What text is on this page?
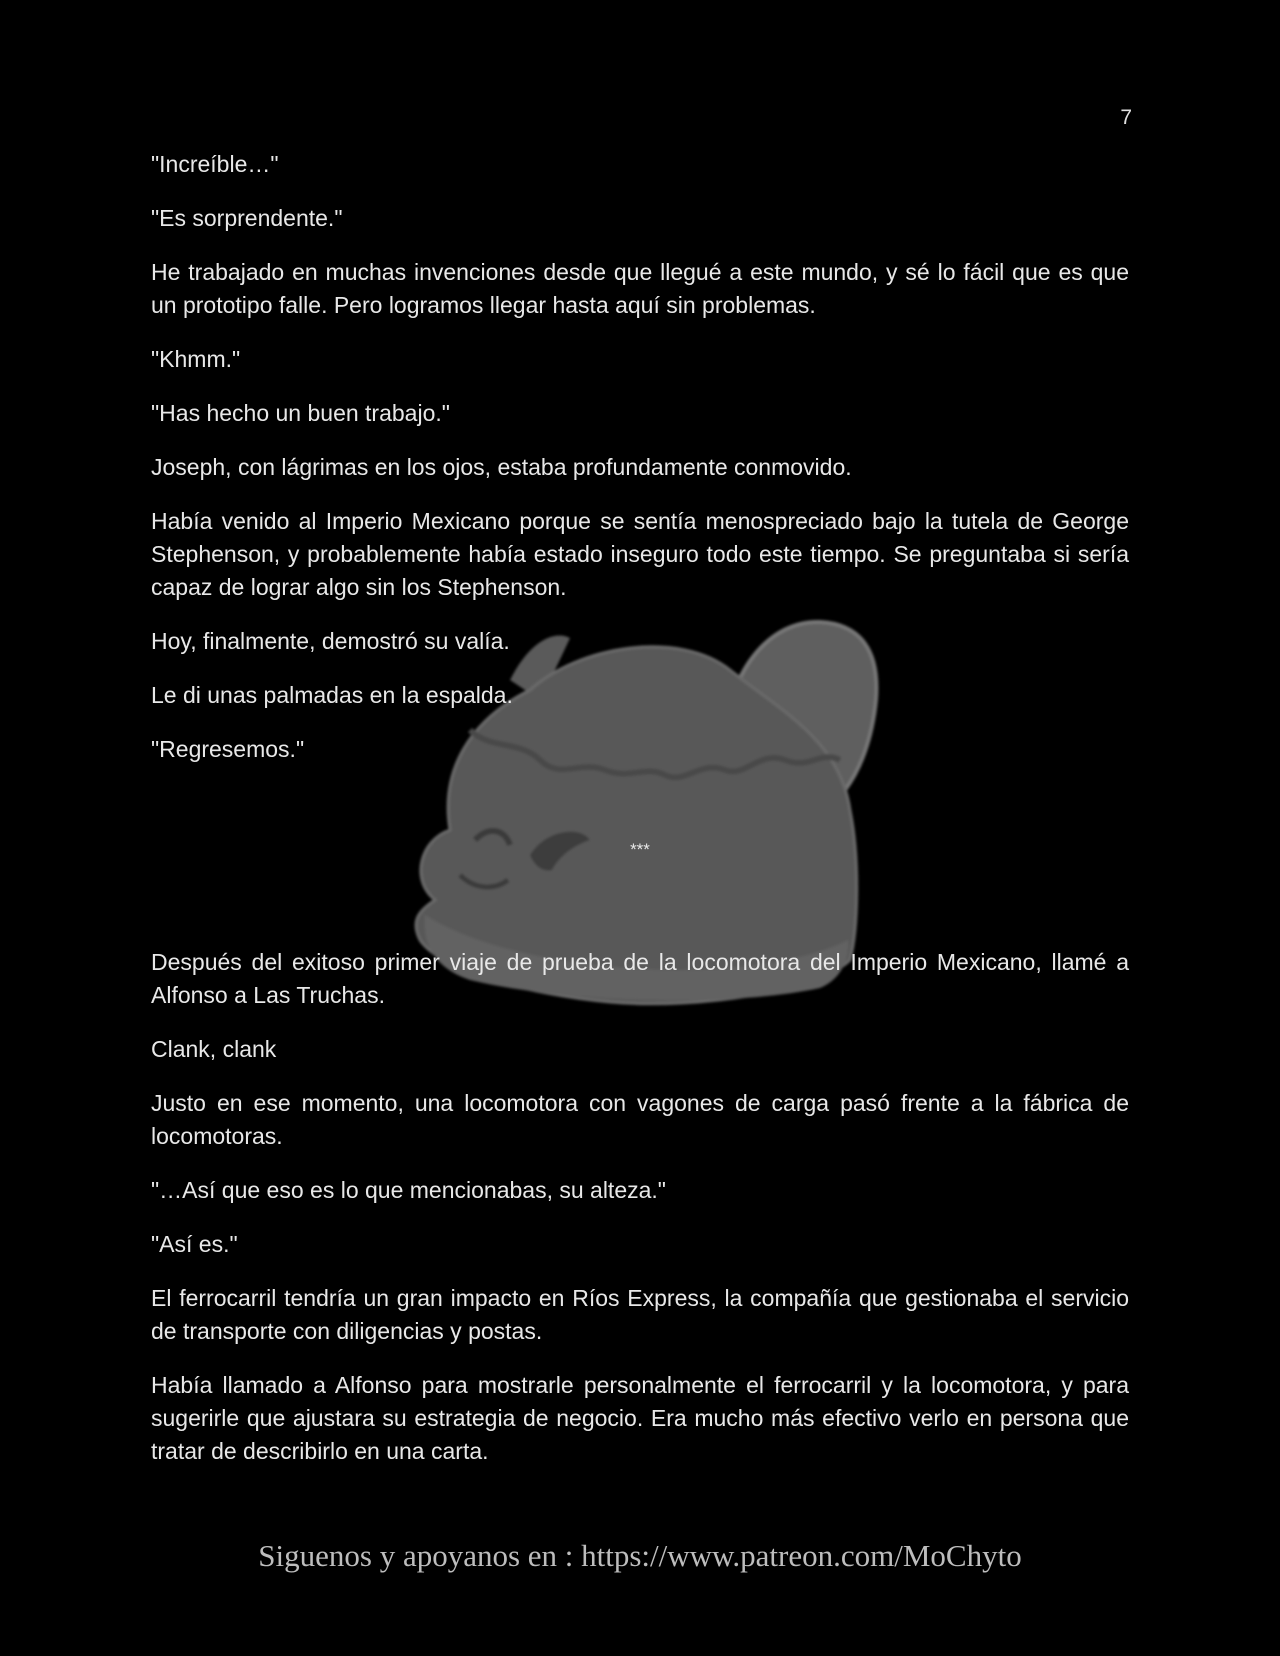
7

"Increíble…"

"Es sorprendente."

He trabajado en muchas invenciones desde que llegué a este mundo, y sé lo fácil que es que un prototipo falle. Pero logramos llegar hasta aquí sin problemas.

"Khmm."

"Has hecho un buen trabajo."

Joseph, con lágrimas en los ojos, estaba profundamente conmovido.

Había venido al Imperio Mexicano porque se sentía menospreciado bajo la tutela de George Stephenson, y probablemente había estado inseguro todo este tiempo. Se preguntaba si sería capaz de lograr algo sin los Stephenson.

Hoy, finalmente, demostró su valía.

Le di unas palmadas en la espalda.

"Regresemos."

***

Después del exitoso primer viaje de prueba de la locomotora del Imperio Mexicano, llamé a Alfonso a Las Truchas.

Clank, clank

Justo en ese momento, una locomotora con vagones de carga pasó frente a la fábrica de locomotoras.

"…Así que eso es lo que mencionabas, su alteza."

"Así es."

El ferrocarril tendría un gran impacto en Ríos Express, la compañía que gestionaba el servicio de transporte con diligencias y postas.

Había llamado a Alfonso para mostrarle personalmente el ferrocarril y la locomotora, y para sugerirle que ajustara su estrategia de negocio. Era mucho más efectivo verlo en persona que tratar de describirlo en una carta.

Siguenos y apoyanos en : https://www.patreon.com/MoChyto
